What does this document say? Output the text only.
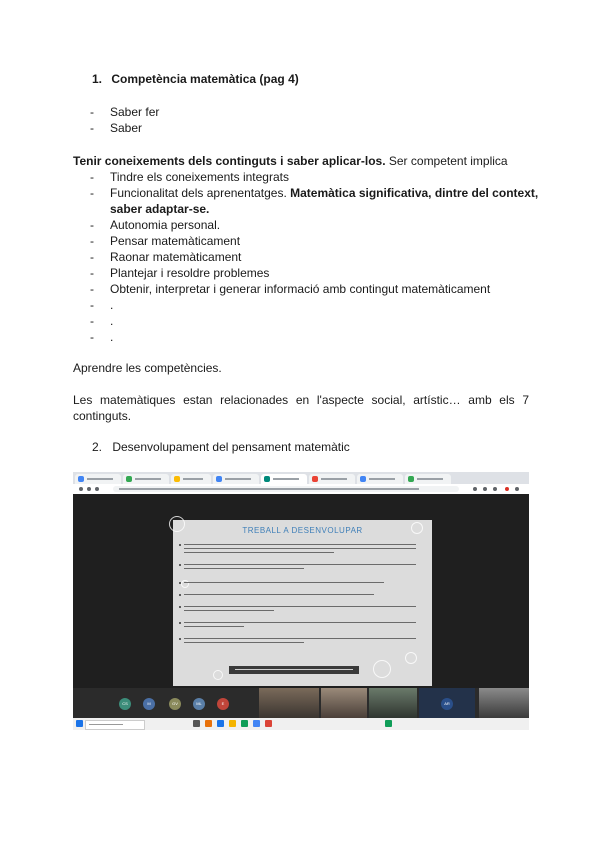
1. Competència matemàtica (pag 4)
- Saber fer
- Saber
Tenir coneixements dels continguts i saber aplicar-los. Ser competent implica
- Tindre els coneixements integrats
- Funcionalitat dels aprenentatges. Matemàtica significativa, dintre del context, saber adaptar-se.
- Autonomia personal.
- Pensar matemàticament
- Raonar matemàticament
- Plantejar i resoldre problemes
- Obtenir, interpretar i generar informació amb contingut matemàticament
- .
- .
- .
Aprendre les competències.
Les matemàtiques estan relacionades en l'aspecte social, artístic… amb els 7 continguts.
2. Desenvolupament del pensament matemàtic
TREBALL A DESENVOLUPAR
CS	M	GV	ML	E	AR
